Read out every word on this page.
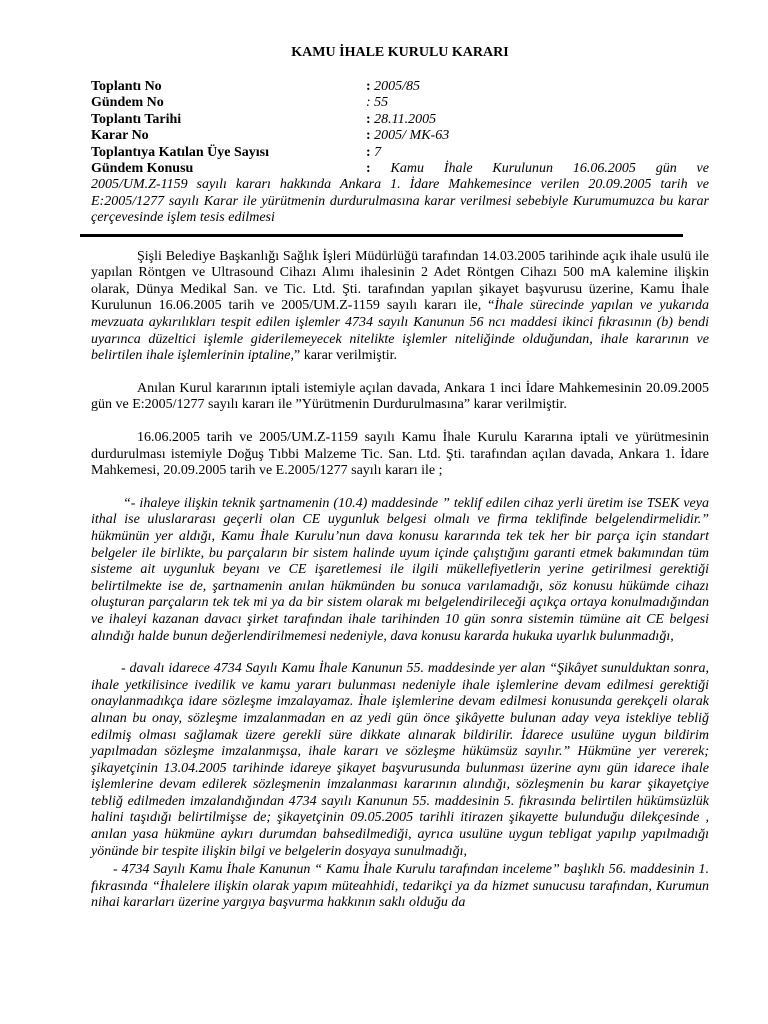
KAMU İHALE KURULU KARARI
Toplantı No	: 2005/85
Gündem No	: 55
Toplantı Tarihi	: 28.11.2005
Karar No	: 2005/ MK-63
Toplantıya Katılan Üye Sayısı	: 7
Gündem Konusu	: Kamu İhale Kurulunun 16.06.2005 gün ve
2005/UM.Z-1159 sayılı kararı hakkında Ankara 1. İdare Mahkemesince verilen 20.09.2005 tarih ve E:2005/1277 sayılı Karar ile yürütmenin durdurulmasına karar verilmesi sebebiyle Kurumumuzca bu karar çerçevesinde işlem tesis edilmesi

Şişli Belediye Başkanlığı Sağlık İşleri Müdürlüğü tarafından 14.03.2005 tarihinde açık ihale usulü ile yapılan Röntgen ve Ultrasound Cihazı Alımı ihalesinin 2 Adet Röntgen Cihazı 500 mA kalemine ilişkin olarak, Dünya Medikal San. ve Tic. Ltd. Şti. tarafından yapılan şikayet başvurusu üzerine, Kamu İhale Kurulunun 16.06.2005 tarih ve 2005/UM.Z-1159 sayılı kararı ile, “İhale sürecinde yapılan ve yukarıda mevzuata aykırılıkları tespit edilen işlemler 4734 sayılı Kanunun 56 ncı maddesi ikinci fıkrasının (b) bendi uyarınca düzeltici işlemle giderilemeyecek nitelikte işlemler niteliğinde olduğundan, ihale kararının ve belirtilen ihale işlemlerinin iptaline,” karar verilmiştir.

Anılan Kurul kararının iptali istemiyle açılan davada, Ankara 1 inci İdare Mahkemesinin 20.09.2005 gün ve E:2005/1277 sayılı kararı ile ”Yürütmenin Durdurulmasına” karar verilmiştir.

16.06.2005 tarih ve 2005/UM.Z-1159 sayılı Kamu İhale Kurulu Kararına iptali ve yürütmesinin durdurulması istemiyle Doğuş Tıbbi Malzeme Tic. San. Ltd. Şti. tarafından açılan davada, Ankara 1. İdare Mahkemesi, 20.09.2005 tarih ve E.2005/1277 sayılı kararı ile ;

“- ihaleye ilişkin teknik şartnamenin (10.4) maddesinde ” teklif edilen cihaz yerli üretim ise TSEK veya ithal ise uluslararası geçerli olan CE uygunluk belgesi olmalı ve firma teklifinde belgelendirmelidir.” hükmünün yer aldığı, Kamu İhale Kurulu’nun dava konusu kararında tek tek her bir parça için standart belgeler ile birlikte, bu parçaların bir sistem halinde uyum içinde çalıştığını garanti etmek bakımından tüm sisteme ait uygunluk beyanı ve CE işaretlemesi ile ilgili mükellefiyetlerin yerine getirilmesi gerektiği belirtilmekte ise de, şartnamenin anılan hükmünden bu sonuca varılamadığı, söz konusu hükümde cihazı oluşturan parçaların tek tek mi ya da bir sistem olarak mı belgelendirileceği açıkça ortaya konulmadığından ve ihaleyi kazanan davacı şirket tarafından ihale tarihinden 10 gün sonra sistemin tümüne ait CE belgesi alındığı halde bunun değerlendirilmemesi nedeniyle, dava konusu kararda hukuka uyarlık bulunmadığı,

- davalı idarece 4734 Sayılı Kamu İhale Kanunun 55. maddesinde yer alan “Şikâyet sunulduktan sonra, ihale yetkilisince ivedilik ve kamu yararı bulunması nedeniyle ihale işlemlerine devam edilmesi gerektiği onaylanmadıkça idare sözleşme imzalayamaz. İhale işlemlerine devam edilmesi konusunda gerekçeli olarak alınan bu onay, sözleşme imzalanmadan en az yedi gün önce şikâyette bulunan aday veya istekliye tebliğ edilmiş olması sağlamak üzere gerekli süre dikkate alınarak bildirilir. İdarece usulüne uygun bildirim yapılmadan sözleşme imzalanmışsa, ihale kararı ve sözleşme hükümsüz sayılır.” Hükmüne yer vererek; şikayetçinin 13.04.2005 tarihinde idareye şikayet başvurusunda bulunması üzerine aynı gün idarece ihale işlemlerine devam edilerek sözleşmenin imzalanması kararının alındığı, sözleşmenin bu karar şikayetçiye tebliğ edilmeden imzalandığından 4734 sayılı Kanunun 55. maddesinin 5. fıkrasında belirtilen hükümsüzlük halini taşıdığı belirtilmişse de; şikayetçinin 09.05.2005 tarihli itirazen şikayette bulunduğu dilekçesinde , anılan yasa hükmüne aykırı durumdan bahsedilmediği, ayrıca usulüne uygun tebligat yapılıp yapılmadığı yönünde bir tespite ilişkin bilgi ve belgelerin dosyaya sunulmadığı,

- 4734 Sayılı Kamu İhale Kanunun “ Kamu İhale Kurulu tarafından inceleme” başlıklı 56. maddesinin 1. fıkrasında “İhalelere ilişkin olarak yapım müteahhidi, tedarikçi ya da hizmet sunucusu tarafından, Kurumun nihai kararları üzerine yargıya başvurma hakkının saklı olduğu da
